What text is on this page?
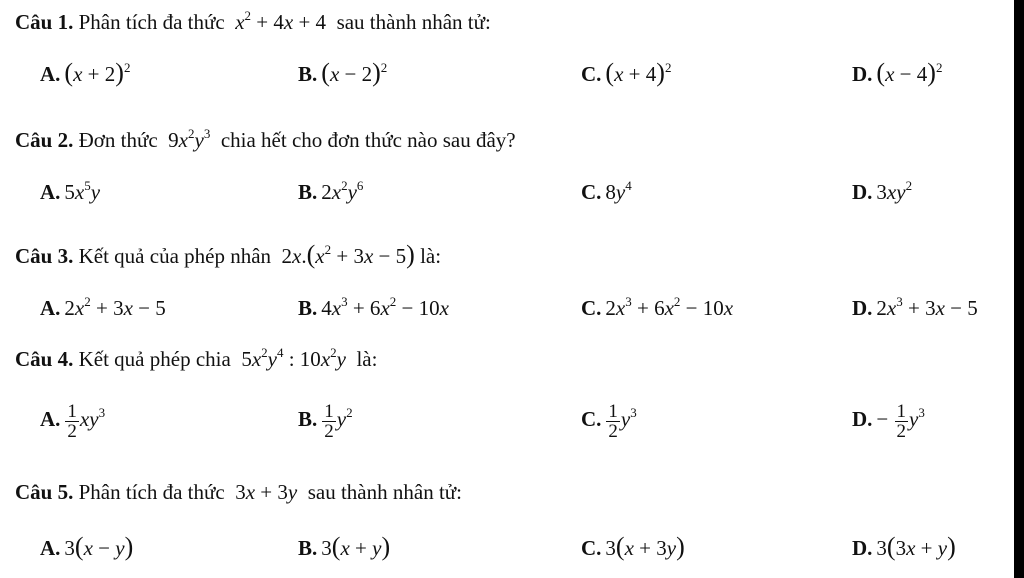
Câu 1. Phân tích đa thức $x^2 + 4x + 4$  sau thành nhân tử:
A. $(x + 2)^2$	B. $(x - 2)^2$	C. $(x + 4)^2$	D. $(x - 4)^2$
Câu 2. Đơn thức  $9x^2y^3$ chia hết cho đơn thức nào sau đây?
A. $5x^5y$	B. $2x^2y^6$	C. $8y^4$	D. $3xy^2$
Câu 3. Kết quả của phép nhân  $2x.(x^2 + 3x - 5)$ là:
A. $2x^2 + 3x - 5$	B. $4x^3 + 6x^2 - 10x$	C. $2x^3 + 6x^2 - 10x$	D. $2x^3 + 3x - 5$
Câu 4. Kết quả phép chia  $5x^2y^4$ : $10x^2y$ là:
A. $\frac{1}{2} xy^3$	B. $\frac{1}{2} y^2$	C. $\frac{1}{2} y^3$	D. − $\frac{1}{2} y^3$
Câu 5. Phân tích đa thức  3x + 3y sau thành nhân tử:
A. 3(x − y)	B. 3(x + y)	C. 3(x + 3y)	D. 3(3x + y)
